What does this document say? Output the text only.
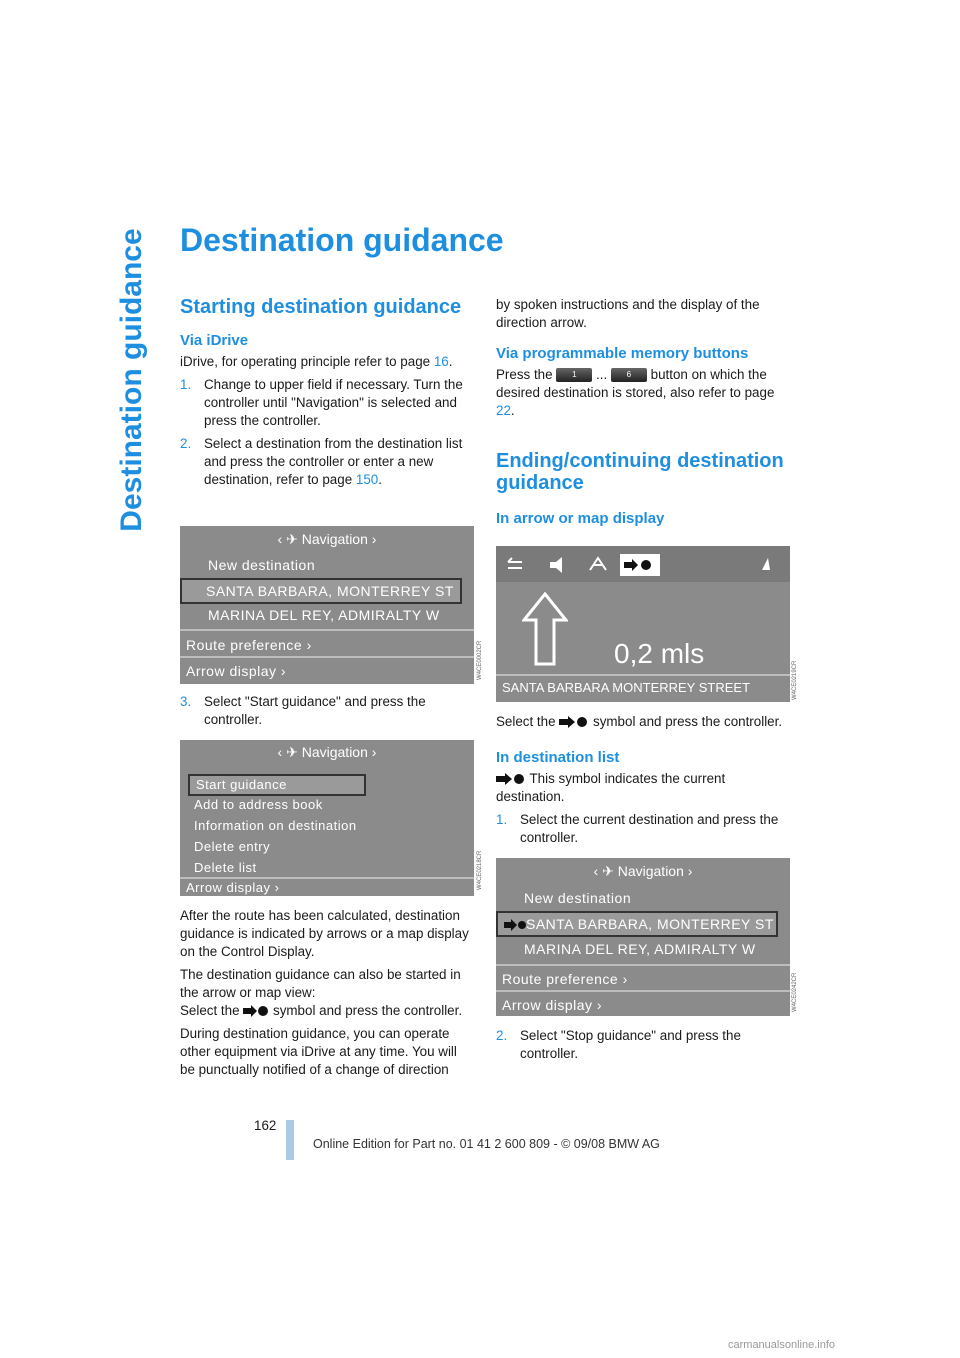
Destination guidance Destination guidance
Starting destination guidance
Via iDrive

iDrive, for operating principle refer to page 16.

1. Change to upper field if necessary. Turn the controller until "Navigation" is selected and press the controller.
2. Select a destination from the destination list and press the controller or enter a new destination, refer to page 150.
‹ ✈ Navigation ›
New destination
SANTA BARBARA, MONTERREY ST
MARINA DEL REY, ADMIRALTY W
Route preference ›
Arrow display ›	W4CE0002CR
3. Select "Start guidance" and press the controller.
‹ ✈ Navigation ›
Start guidance
Add to address book
Information on destination
Delete entry
Delete list
Arrow display ›	W4CE0218CR

After the route has been calculated, destination guidance is indicated by arrows or a map display on the Control Display.

The destination guidance can also be started in the arrow or map view:

Select the  symbol and press the controller.

During destination guidance, you can operate other equipment via iDrive at any time. You will be punctually notified of a change of direction

by spoken instructions and the display of the direction arrow.

Via programmable memory buttons

Press the 1 ... 6 button on which the desired destination is stored, also refer to page 22.

Ending/continuing destination guidance
In arrow or map display
0,2 mls
SANTA BARBARA MONTERREY STREET	W4CE0219CR

Select the  symbol and press the controller.

In destination list

This symbol indicates the current destination.

1. Select the current destination and press the controller.
‹ ✈ Navigation ›
New destination
SANTA BARBARA, MONTERREY ST
MARINA DEL REY, ADMIRALTY W
Route preference ›
Arrow display ›	W4CE0242CR
2. Select "Stop guidance" and press the controller.
162
Online Edition for Part no. 01 41 2 600 809 - © 09/08 BMW AG
carmanualsonline.info
